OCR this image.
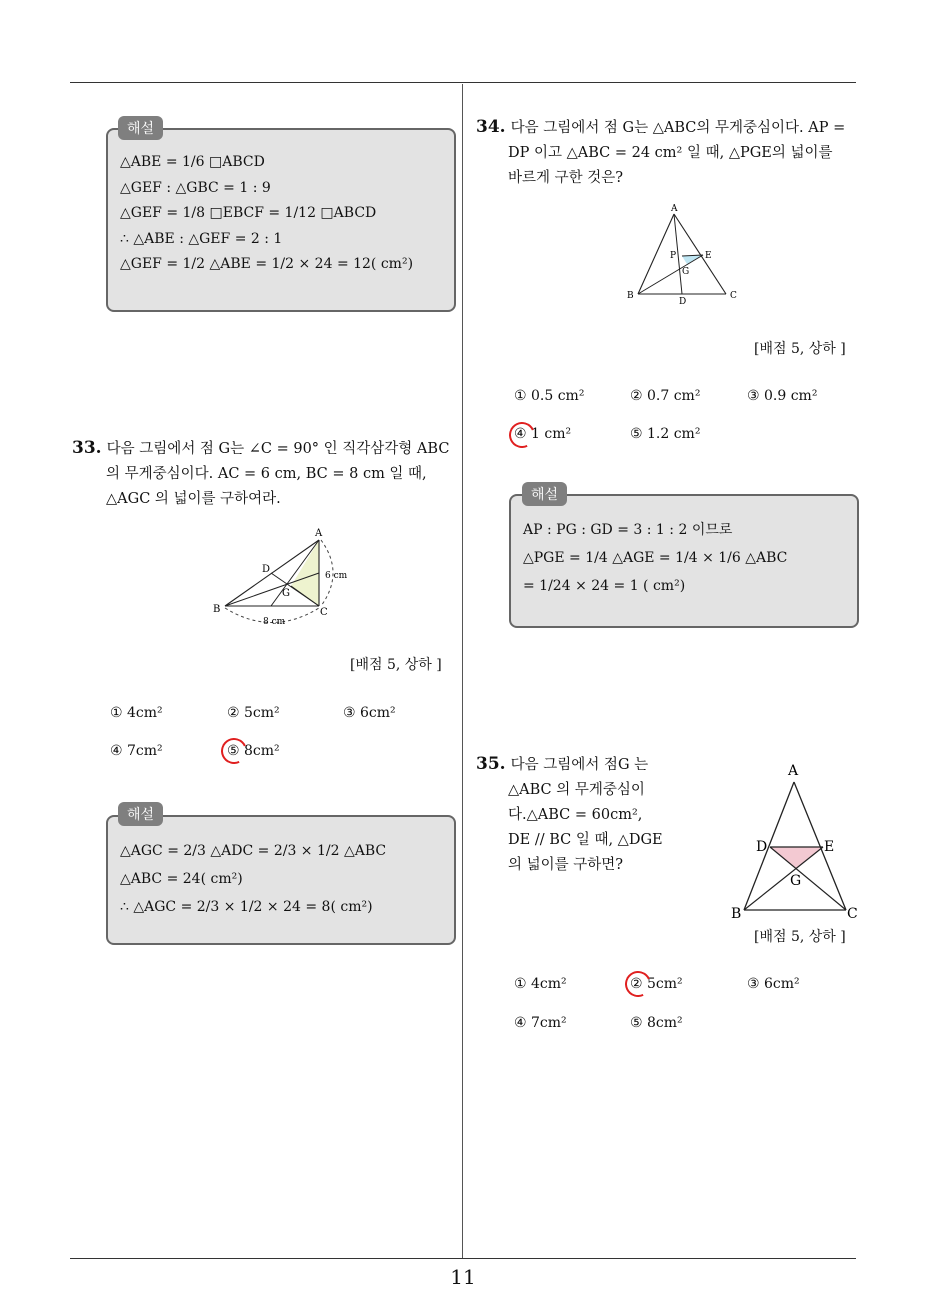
△ABE = 1/6 □ABCD
△GEF : △GBC = 1 : 9
△GEF = 1/8 □EBCF = 1/12 □ABCD
∴ △ABE : △GEF = 2 : 1
△GEF = 1/2 △ABE = 1/2 × 24 = 12( cm²)
해설
33. 다음 그림에서 점 G는 ∠C = 90° 인 직각삼각형 ABC
의 무게중심이다. AC = 6 cm, BC = 8 cm 일 때,
△AGC 의 넓이를 구하여라.
A
B	C
D
G
6 cm
8 cm
[배점 5, 상하 ]
① 4cm²	② 5cm²	③ 6cm²
④ 7cm²	⑤ 8cm²
△AGC = 2/3 △ADC = 2/3 × 1/2 △ABC
△ABC = 24( cm²)
∴ △AGC = 2/3 × 1/2 × 24 = 8( cm²)
해설
34. 다음 그림에서 점 G는 △ABC의 무게중심이다. AP =
DP 이고 △ABC = 24 cm² 일 때, △PGE의 넓이를
바르게 구한 것은?
A
B	C
D
E
G
P
[배점 5, 상하 ]
① 0.5 cm²	② 0.7 cm²	③ 0.9 cm²
④ 1 cm²	⑤ 1.2 cm²
AP : PG : GD = 3 : 1 : 2 이므로
△PGE = 1/4 △AGE = 1/4 × 1/6 △ABC
= 1/24 × 24 = 1 ( cm²)
해설
35. 다음 그림에서 점G 는
△ABC 의 무게중심이
다.△ABC = 60cm²,
DE // BC 일 때, △DGE
의 넓이를 구하면?
A
B	C
D	E
G
[배점 5, 상하 ]
① 4cm²	② 5cm²	③ 6cm²
④ 7cm²	⑤ 8cm²
11
